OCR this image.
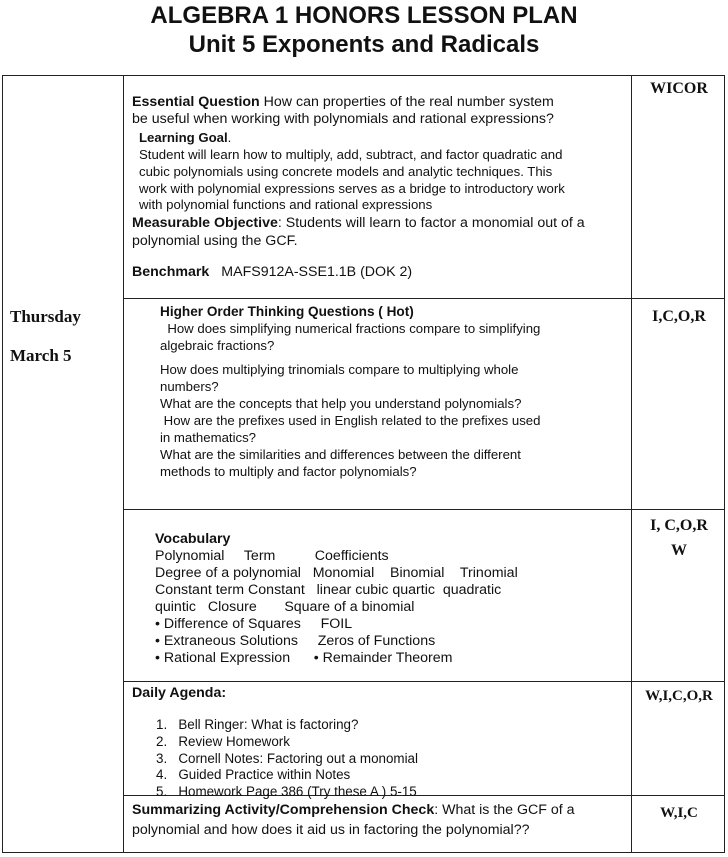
ALGEBRA 1 HONORS LESSON PLAN
Unit 5 Exponents and Radicals
Thursday
March 5
WICOR
I,C,O,R
I, C,O,R
W
W,I,C,O,R
W,I,C
Essential Question How can properties of the real number system
be useful when working with polynomials and rational expressions?
Learning Goal.
Student will learn how to multiply, add, subtract, and factor quadratic and
cubic polynomials using concrete models and analytic techniques. This
work with polynomial expressions serves as a bridge to introductory work
with polynomial functions and rational expressions
Measurable Objective: Students will learn to factor a monomial out of a
polynomial using the GCF.
Benchmark MAFS912A-SSE1.1B (DOK 2)
Higher Order Thinking Questions ( Hot)
How does simplifying numerical fractions compare to simplifying
algebraic fractions?
How does multiplying trinomials compare to multiplying whole
numbers?
What are the concepts that help you understand polynomials?
How are the prefixes used in English related to the prefixes used
in mathematics?
What are the similarities and differences between the different
methods to multiply and factor polynomials?
Vocabulary
Polynomial     Term          Coefficients
Degree of a polynomial   Monomial    Binomial    Trinomial
Constant term Constant   linear cubic quartic  quadratic
quintic   Closure       Square of a binomial
• Difference of Squares     FOIL
• Extraneous Solutions     Zeros of Functions
• Rational Expression      • Remainder Theorem
Daily Agenda:
1.   Bell Ringer: What is factoring?
2.   Review Homework
3.   Cornell Notes: Factoring out a monomial
4.   Guided Practice within Notes
5.   Homework Page 386 (Try these A ) 5-15
Summarizing Activity/Comprehension Check: What is the GCF of a
polynomial and how does it aid us in factoring the polynomial??
